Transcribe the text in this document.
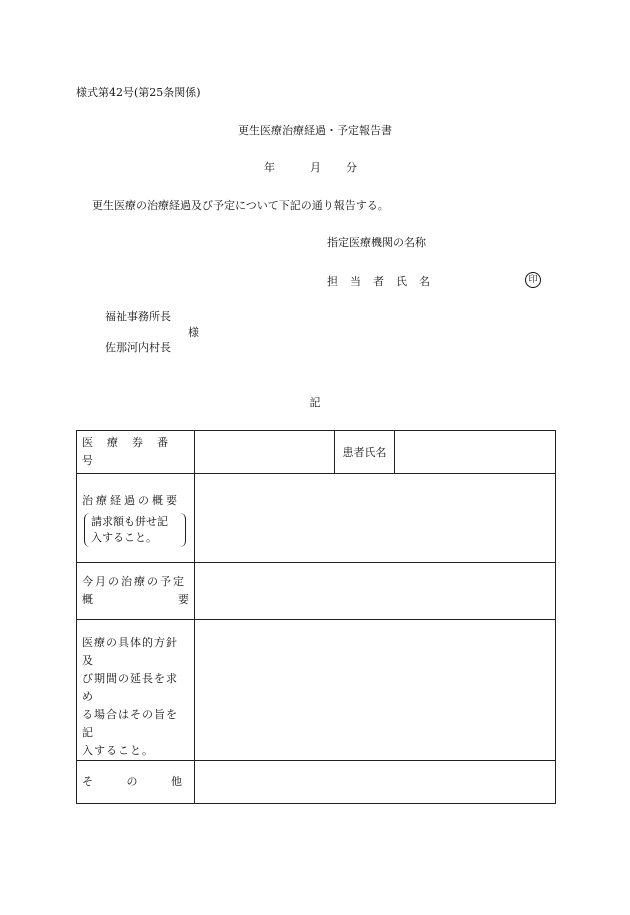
様式第42号(第25条関係)
更生医療治療経過・予定報告書
年	月 分
更生医療の治療経過及び予定について下記の通り報告する。
指定医療機関の名称
担当者氏名	印
福祉事務所長
様
佐那河内村長
記
医療券番号		患者氏名	

治療経過の概要
請求額も併せ記
入すること。			

今月の治療の予定
概 要			

医療の具体的方針及
び期間の延長を求め
る場合はその旨を記
入すること。			

そ の 他			
